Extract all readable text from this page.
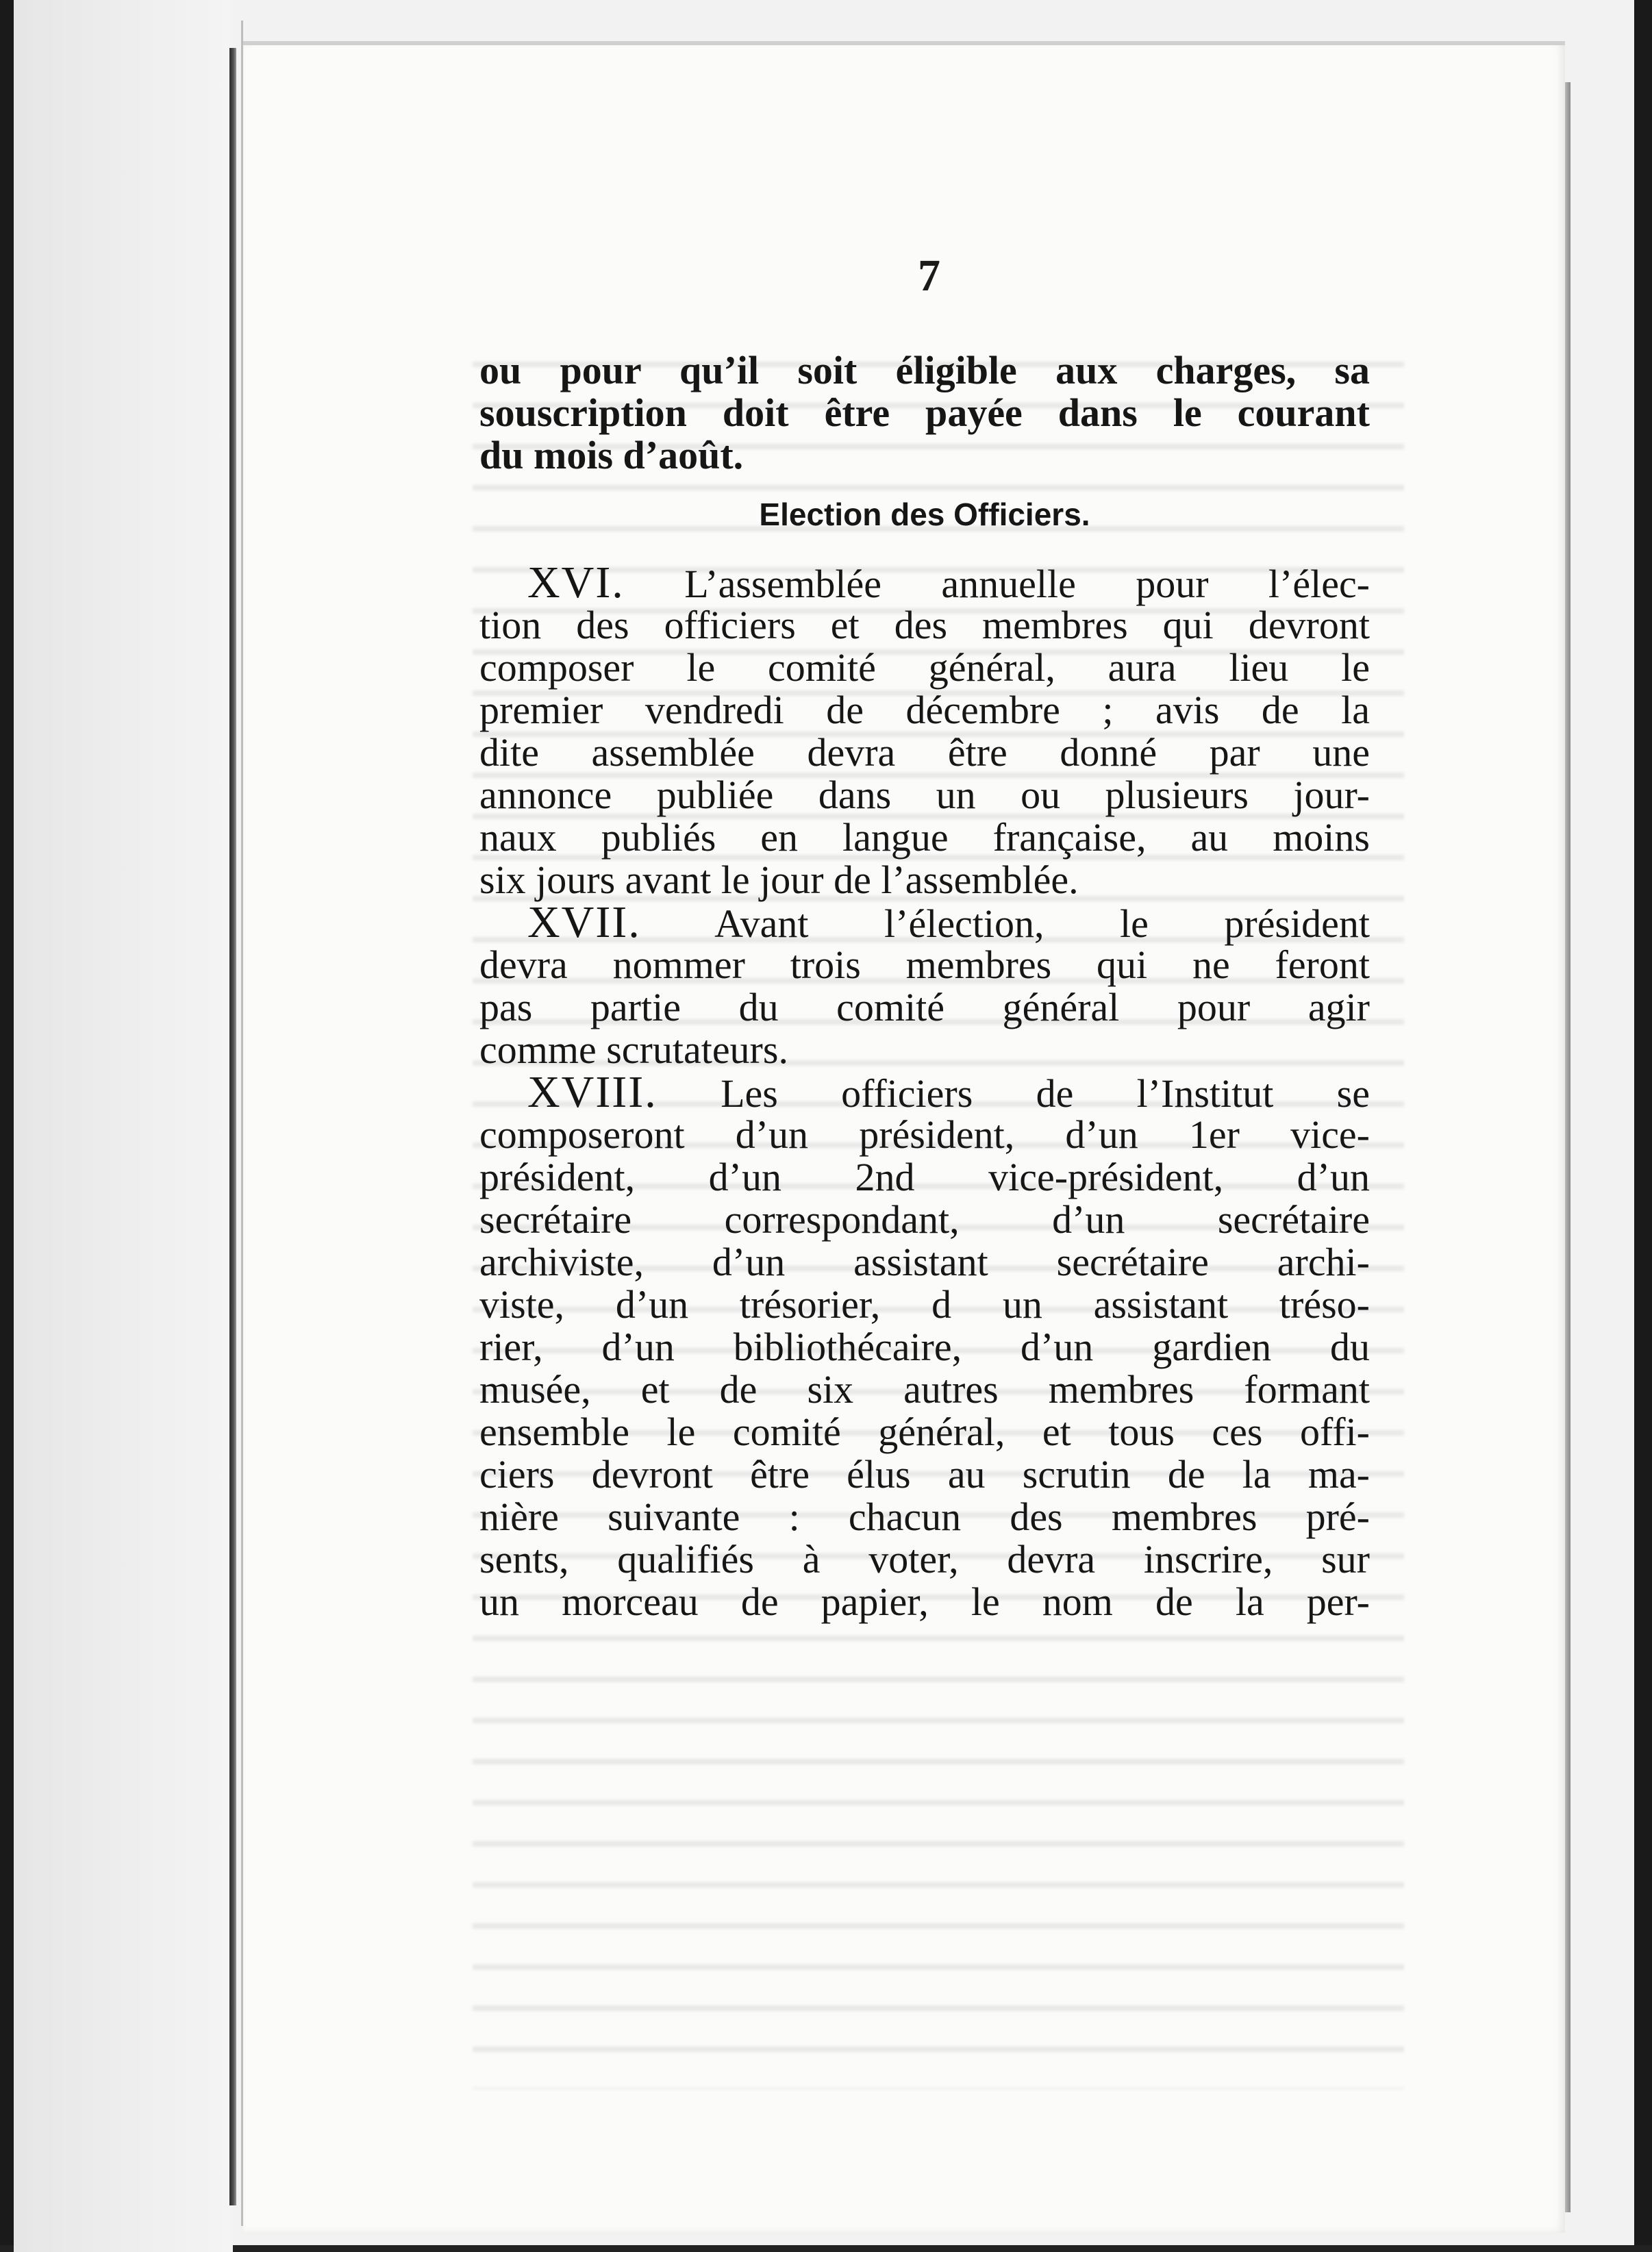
7
ou pour qu’il soit éligible aux charges, sa
souscription doit être payée dans le courant
du mois d’août.
Election des Officiers.
XVI. L’assemblée annuelle pour l’élec-
tion des officiers et des membres qui devront
composer le comité général, aura lieu le
premier vendredi de décembre ; avis de la
dite assemblée devra être donné par une
annonce publiée dans un ou plusieurs jour-
naux publiés en langue française, au moins
six jours avant le jour de l’assemblée.
XVII. Avant l’élection, le président
devra nommer trois membres qui ne feront
pas partie du comité général pour agir
comme scrutateurs.
XVIII. Les officiers de l’Institut se
composeront d’un président, d’un 1er vice-
président, d’un 2nd vice-président, d’un
secrétaire correspondant, d’un secrétaire
archiviste, d’un assistant secrétaire archi-
viste, d’un trésorier, d un assistant tréso-
rier, d’un bibliothécaire, d’un gardien du
musée, et de six autres membres formant
ensemble le comité général, et tous ces offi-
ciers devront être élus au scrutin de la ma-
nière suivante : chacun des membres pré-
sents, qualifiés à voter, devra inscrire, sur
un morceau de papier, le nom de la per-
